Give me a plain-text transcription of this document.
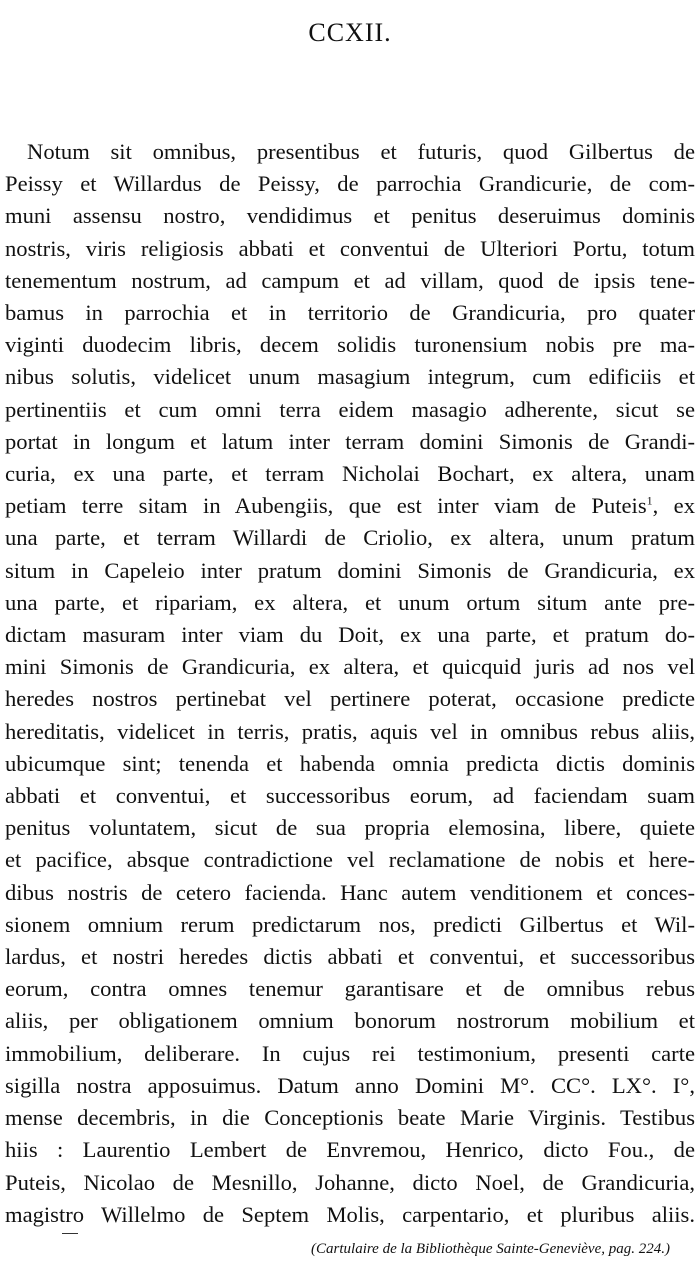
CCXII.
Notum sit omnibus, presentibus et futuris, quod Gilbertus de
Peissy et Willardus de Peissy, de parrochia Grandicurie, de com-
muni assensu nostro, vendidimus et penitus deseruimus dominis
nostris, viris religiosis abbati et conventui de Ulteriori Portu, totum
tenementum nostrum, ad campum et ad villam, quod de ipsis tene-
bamus in parrochia et in territorio de Grandicuria, pro quater
viginti duodecim libris, decem solidis turonensium nobis pre ma-
nibus solutis, videlicet unum masagium integrum, cum edificiis et
pertinentiis et cum omni terra eidem masagio adherente, sicut se
portat in longum et latum inter terram domini Simonis de Grandi-
curia, ex una parte, et terram Nicholai Bochart, ex altera, unam
petiam terre sitam in Aubengiis, que est inter viam de Puteis$^1$, ex
una parte, et terram Willardi de Criolio, ex altera, unum pratum
situm in Capeleio inter pratum domini Simonis de Grandicuria, ex
una parte, et ripariam, ex altera, et unum ortum situm ante pre-
dictam masuram inter viam du Doit, ex una parte, et pratum do-
mini Simonis de Grandicuria, ex altera, et quicquid juris ad nos vel
heredes nostros pertinebat vel pertinere poterat, occasione predicte
hereditatis, videlicet in terris, pratis, aquis vel in omnibus rebus aliis,
ubicumque sint; tenenda et habenda omnia predicta dictis dominis
abbati et conventui, et successoribus eorum, ad faciendam suam
penitus voluntatem, sicut de sua propria elemosina, libere, quiete
et pacifice, absque contradictione vel reclamatione de nobis et here-
dibus nostris de cetero facienda. Hanc autem venditionem et conces-
sionem omnium rerum predictarum nos, predicti Gilbertus et Wil-
lardus, et nostri heredes dictis abbati et conventui, et successoribus
eorum, contra omnes tenemur garantisare et de omnibus rebus
aliis, per obligationem omnium bonorum nostrorum mobilium et
immobilium, deliberare. In cujus rei testimonium, presenti carte
sigilla nostra apposuimus. Datum anno Domini M°. CC°. LX°. I°,
mense decembris, in die Conceptionis beate Marie Virginis. Testibus
hiis : Laurentio Lembert de Envremou, Henrico, dicto Fou., de
Puteis, Nicolao de Mesnillo, Johanne, dicto Noel, de Grandicuria,
magistro Willelmo de Septem Molis, carpentario, et pluribus aliis.
(Cartulaire de la Bibliothèque Sainte-Geneviève, pag. 224.)
